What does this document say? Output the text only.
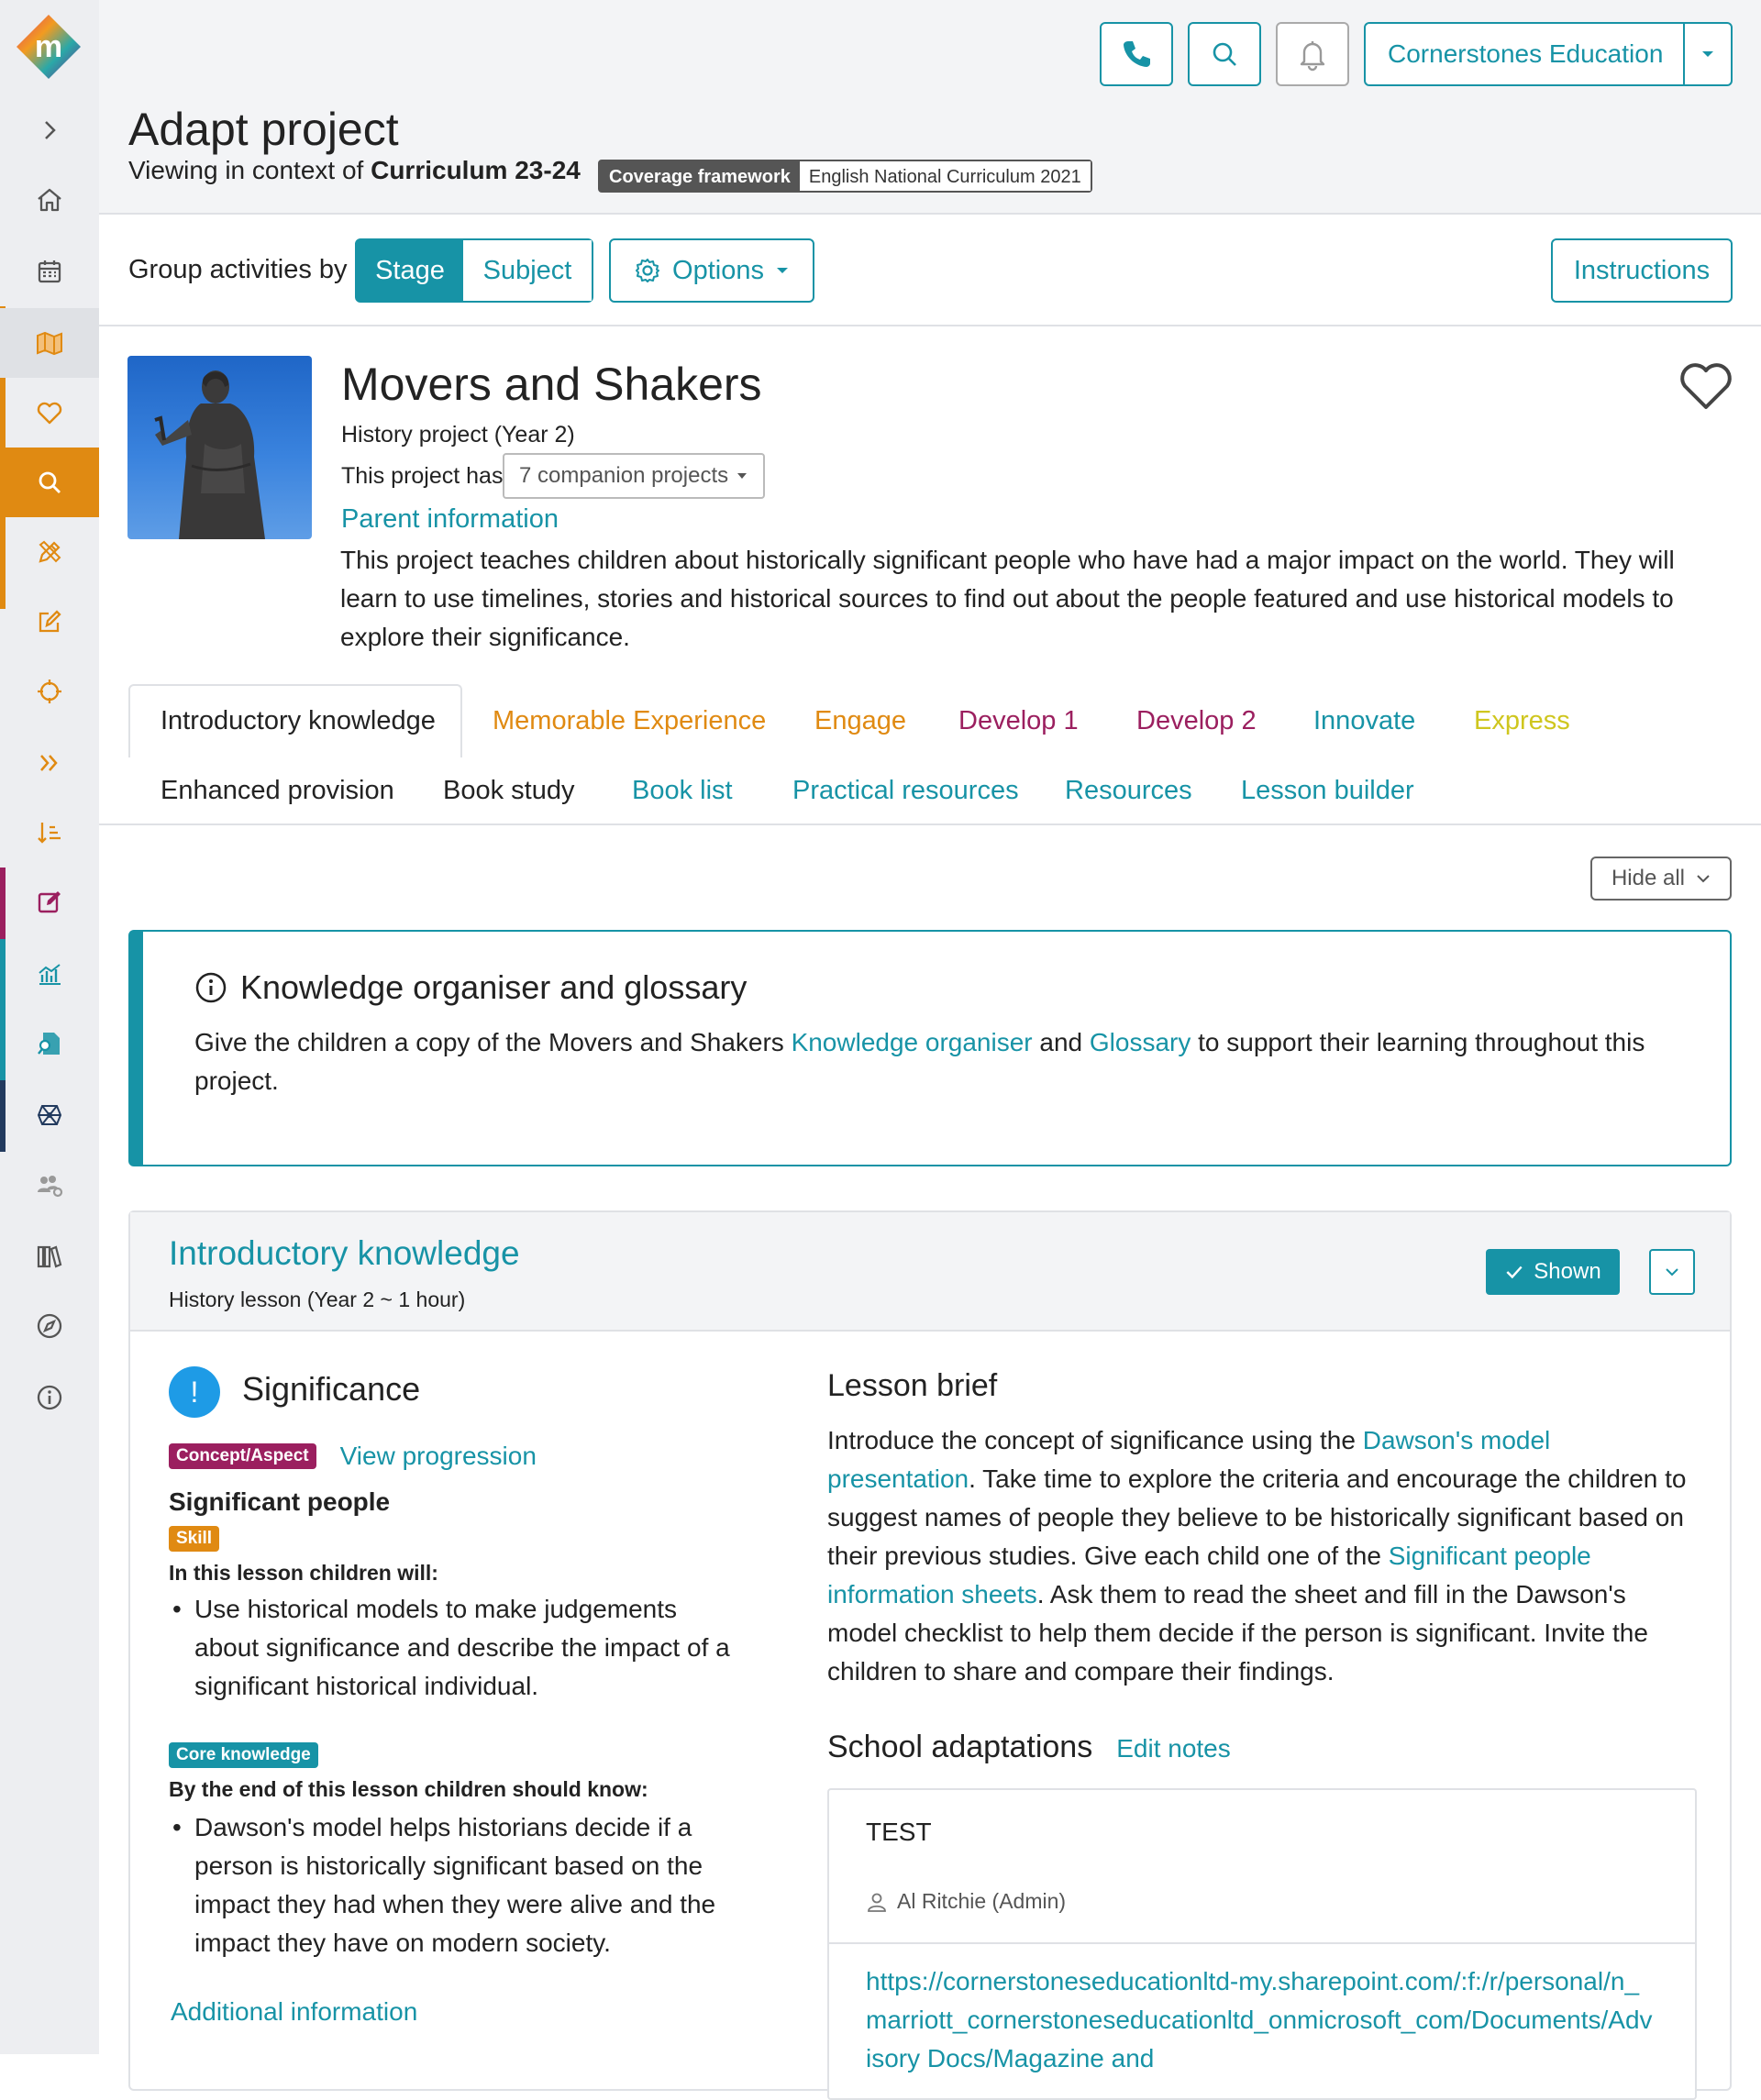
m	Cornerstones Education
Adapt project
Viewing in context of Curriculum 23-24	Coverage framework	English National Curriculum 2021
Group activities by	Stage	Subject	Options	Instructions
Movers and Shakers
History project (Year 2)
This project has 7 companion projects
Parent information
This project teaches children about historically significant people who have had a major impact on the world. They will learn to use timelines, stories and historical sources to find out about the people featured and use historical models to explore their significance.
Introductory knowledge Memorable Experience Engage Develop 1 Develop 2 Innovate Express
Enhanced provision Book study Book list Practical resources Resources Lesson builder
Hide all
Knowledge organiser and glossary
Give the children a copy of the Movers and Shakers Knowledge organiser and Glossary to support their learning throughout this project.
Introductory knowledge
History lesson (Year 2 ~ 1 hour)
Shown
!	Significance
Concept/Aspect View progression
Significant people
Skill
In this lesson children will:
• Use historical models to make judgements about significance and describe the impact of a significant historical individual.
Core knowledge
By the end of this lesson children should know:
• Dawson's model helps historians decide if a person is historically significant based on the impact they had when they were alive and the impact they have on modern society.
Additional information
Lesson brief
Introduce the concept of significance using the Dawson's model presentation. Take time to explore the criteria and encourage the children to suggest names of people they believe to be historically significant based on their previous studies. Give each child one of the Significant people information sheets. Ask them to read the sheet and fill in the Dawson's model checklist to help them decide if the person is significant. Invite the children to share and compare their findings.
School adaptations Edit notes
TEST
Al Ritchie (Admin)
https://cornerstoneseducationltd-my.sharepoint.com/:f:/r/personal/n_marriott_cornerstoneseducationltd_onmicrosoft_com/Documents/Advisory Docs/Magazine and
